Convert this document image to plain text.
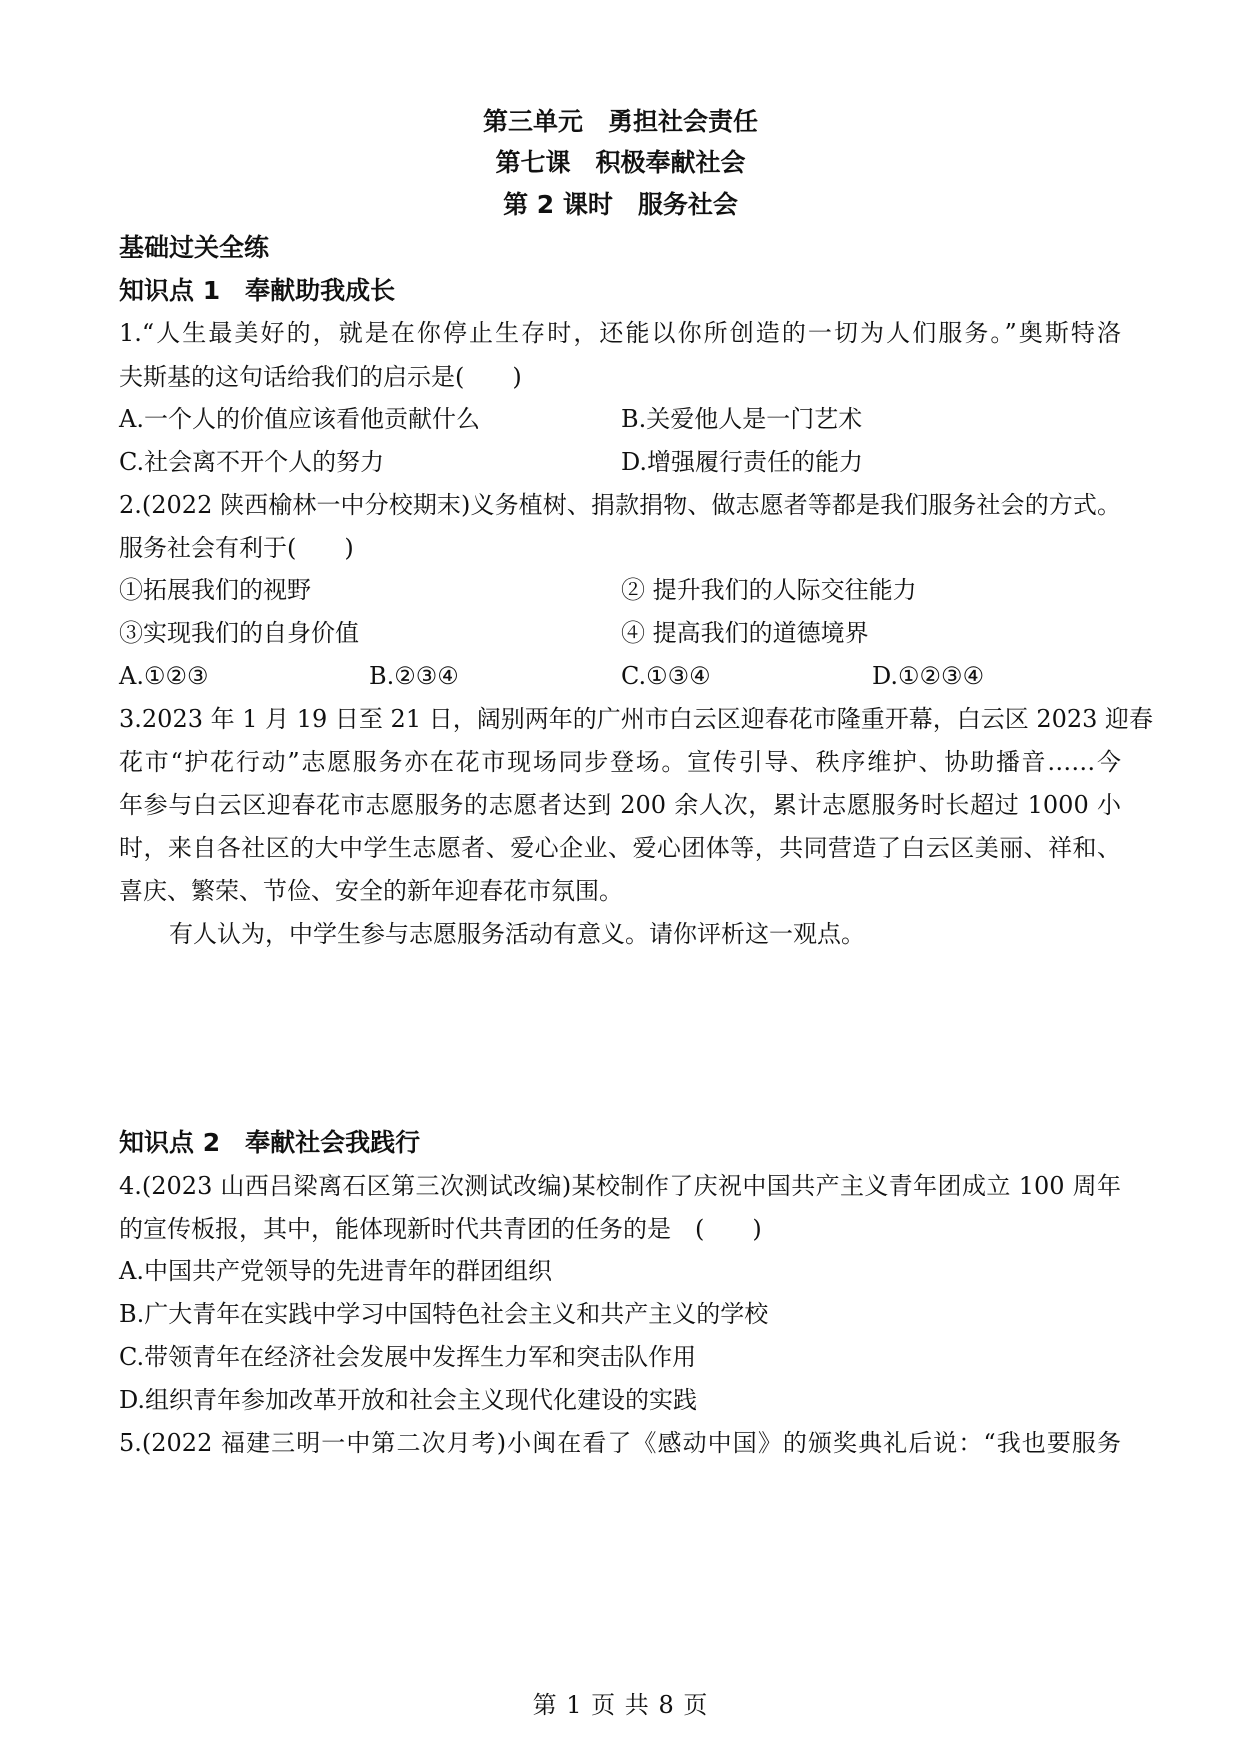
第三单元　勇担社会责任
第七课　积极奉献社会
第 2 课时　服务社会
基础过关全练
知识点 1　奉献助我成长
1.“人生最美好的，就是在你停止生存时，还能以你所创造的一切为人们服务。”奥斯特洛
夫斯基的这句话给我们的启示是(　　)
A.一个人的价值应该看他贡献什么	B.关爱他人是一门艺术
C.社会离不开个人的努力	D.增强履行责任的能力
2.(2022 陕西榆林一中分校期末)义务植树、捐款捐物、做志愿者等都是我们服务社会的方式。
服务社会有利于(　　)
①拓展我们的视野	② 提升我们的人际交往能力
③实现我们的自身价值	④ 提高我们的道德境界
A.①②③	B.②③④	C.①③④	D.①②③④
3.2023 年 1 月 19 日至 21 日，阔别两年的广州市白云区迎春花市隆重开幕，白云区 2023 迎春
花市“护花行动”志愿服务亦在花市现场同步登场。宣传引导、秩序维护、协助播音……今
年参与白云区迎春花市志愿服务的志愿者达到 200 余人次，累计志愿服务时长超过 1000 小
时，来自各社区的大中学生志愿者、爱心企业、爱心团体等，共同营造了白云区美丽、祥和、
喜庆、繁荣、节俭、安全的新年迎春花市氛围。
有人认为，中学生参与志愿服务活动有意义。请你评析这一观点。
知识点 2　奉献社会我践行
4.(2023 山西吕梁离石区第三次测试改编)某校制作了庆祝中国共产主义青年团成立 100 周年
的宣传板报，其中，能体现新时代共青团的任务的是　(　　)
A.中国共产党领导的先进青年的群团组织
B.广大青年在实践中学习中国特色社会主义和共产主义的学校
C.带领青年在经济社会发展中发挥生力军和突击队作用
D.组织青年参加改革开放和社会主义现代化建设的实践
5.(2022 福建三明一中第二次月考)小闽在看了《感动中国》的颁奖典礼后说：“我也要服务
第 1 页 共 8 页
